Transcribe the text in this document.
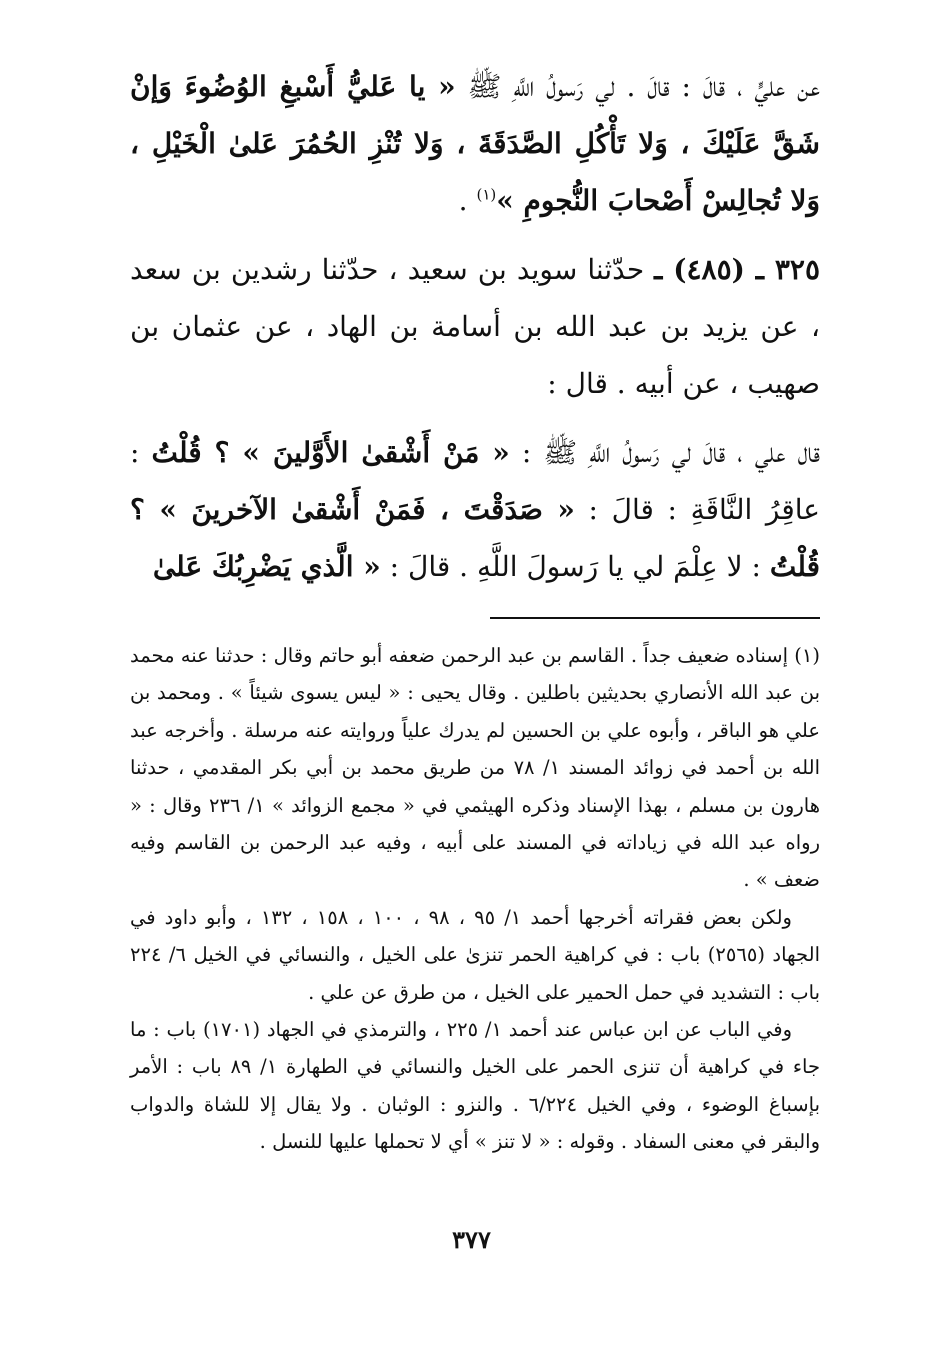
عن عليٍّ ، قالَ : قالَ . لي رَسولُ اللَّهِ ﷺ « يا عَليُّ أَسْبغِ الوُضُوءَ وَإنْ شَقَّ عَلَيْكَ ، وَلا تَأْكُلِ الصَّدَقَةَ ، وَلا تُنْزِ الحُمُرَ عَلىٰ الْخَيْلِ ، وَلا تُجالِسْ أَصْحابَ النُّجومِ »$^{(١)}$ .

٣٢٥ ـ (٤٨٥) ـ حدّثنا سويد بن سعيد ، حدّثنا رشدين بن سعد ، عن يزيد بن عبد الله بن أسامة بن الهاد ، عن عثمان بن صهيب ، عن أبيه . قال :

قال علي ، قالَ لي رَسولُ اللَّهِ ﷺ : « مَنْ أَشْقىٰ الأَوَّلينَ » ؟ قُلْتُ : عاقِرُ النَّاقَةِ : قالَ : « صَدَقْتَ ، فَمَنْ أَشْقىٰ الآخرينَ » ؟ قُلْتُ : لا عِلْمَ لي يا رَسولَ اللَّهِ . قالَ : « الَّذي يَضْرِبُكَ عَلىٰ

(١) إسناده ضعيف جداً . القاسم بن عبد الرحمن ضعفه أبو حاتم وقال : حدثنا عنه محمد بن عبد الله الأنصاري بحديثين باطلين . وقال يحيى : « ليس يسوى شيئاً » . ومحمد بن علي هو الباقر ، وأبوه علي بن الحسين لم يدرك علياً وروايته عنه مرسلة . وأخرجه عبد الله بن أحمد في زوائد المسند ١/ ٧٨ من طريق محمد بن أبي بكر المقدمي ، حدثنا هارون بن مسلم ، بهذا الإسناد وذكره الهيثمي في « مجمع الزوائد » ١/ ٢٣٦ وقال : « رواه عبد الله في زياداته في المسند على أبيه ، وفيه عبد الرحمن بن القاسم وفيه ضعف » .

ولكن بعض فقراته أخرجها أحمد ١/ ٩٥ ، ٩٨ ، ١٠٠ ، ١٥٨ ، ١٣٢ ، وأبو داود في الجهاد (٢٥٦٥) باب : في كراهية الحمر تنزىٰ على الخيل ، والنسائي في الخيل ٦/ ٢٢٤ باب : التشديد في حمل الحمير على الخيل ، من طرق عن علي .

وفي الباب عن ابن عباس عند أحمد ١/ ٢٢٥ ، والترمذي في الجهاد (١٧٠١) باب : ما جاء في كراهية أن تنزى الحمر على الخيل والنسائي في الطهارة ١/ ٨٩ باب : الأمر بإسباغ الوضوء ، وفي الخيل ٦/٢٢٤ . والنزو : الوثبان . ولا يقال إلا للشاة والدواب والبقر في معنى السفاد . وقوله : « لا تنز » أي لا تحملها عليها للنسل .

٣٧٧
